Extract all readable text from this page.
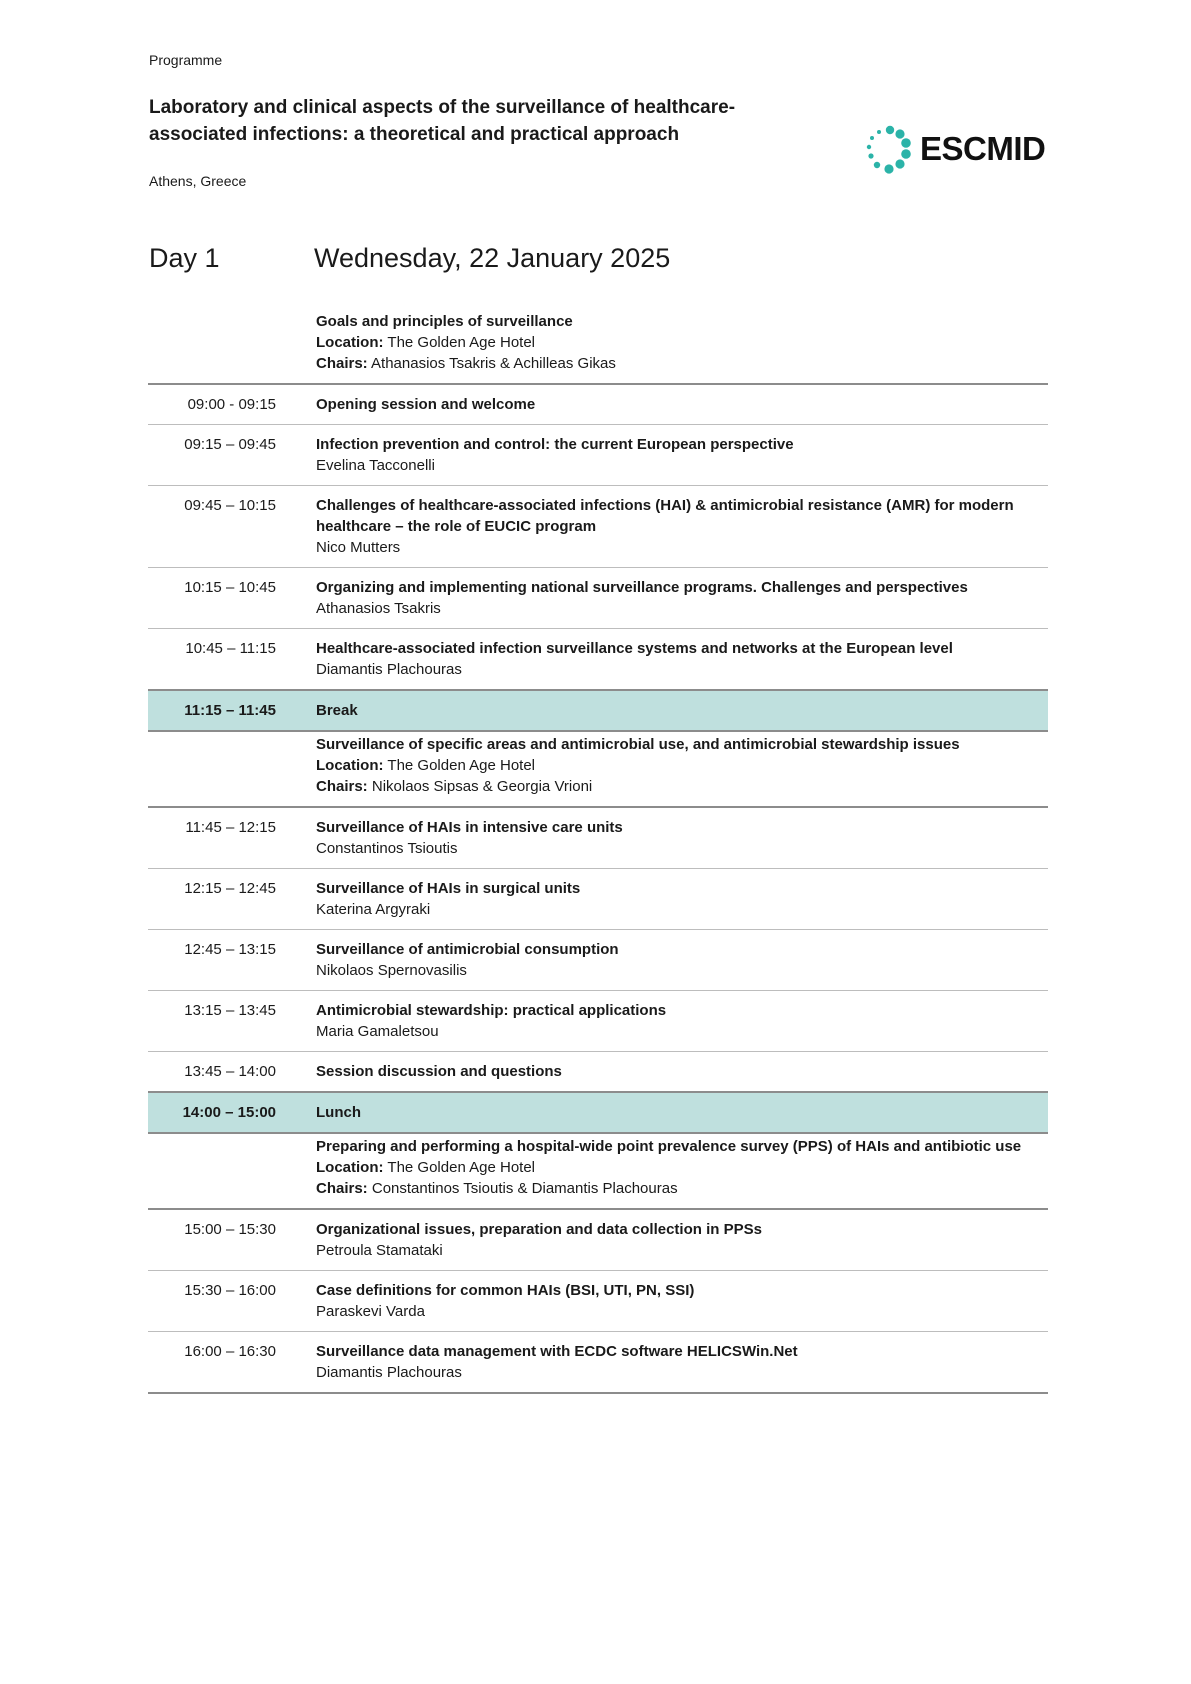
Programme
Laboratory and clinical aspects of the surveillance of healthcare-associated infections: a theoretical and practical approach
Athens, Greece
ESCMID
Day 1	Wednesday, 22 January 2025
Goals and principles of surveillance
Location: The Golden Age Hotel
Chairs: Athanasios Tsakris & Achilleas Gikas
09:00 - 09:15	Opening session and welcome
09:15 – 09:45	Infection prevention and control: the current European perspective
Evelina Tacconelli
09:45 – 10:15	Challenges of healthcare-associated infections (HAI) & antimicrobial resistance (AMR) for modern healthcare – the role of EUCIC program
Nico Mutters
10:15 – 10:45	Organizing and implementing national surveillance programs. Challenges and perspectives
Athanasios Tsakris
10:45 – 11:15	Healthcare-associated infection surveillance systems and networks at the European level
Diamantis Plachouras
11:15 – 11:45	Break
Surveillance of specific areas and antimicrobial use, and antimicrobial stewardship issues
Location: The Golden Age Hotel
Chairs: Nikolaos Sipsas & Georgia Vrioni
11:45 – 12:15	Surveillance of HAIs in intensive care units
Constantinos Tsioutis
12:15 – 12:45	Surveillance of HAIs in surgical units
Katerina Argyraki
12:45 – 13:15	Surveillance of antimicrobial consumption
Nikolaos Spernovasilis
13:15 – 13:45	Antimicrobial stewardship: practical applications
Maria Gamaletsou
13:45 – 14:00	Session discussion and questions
14:00 – 15:00	Lunch
Preparing and performing a hospital-wide point prevalence survey (PPS) of HAIs and antibiotic use
Location: The Golden Age Hotel
Chairs: Constantinos Tsioutis & Diamantis Plachouras
15:00 – 15:30	Organizational issues, preparation and data collection in PPSs
Petroula Stamataki
15:30 – 16:00	Case definitions for common HAIs (BSI, UTI, PN, SSI)
Paraskevi Varda
16:00 – 16:30	Surveillance data management with ECDC software HELICSWin.Net
Diamantis Plachouras
